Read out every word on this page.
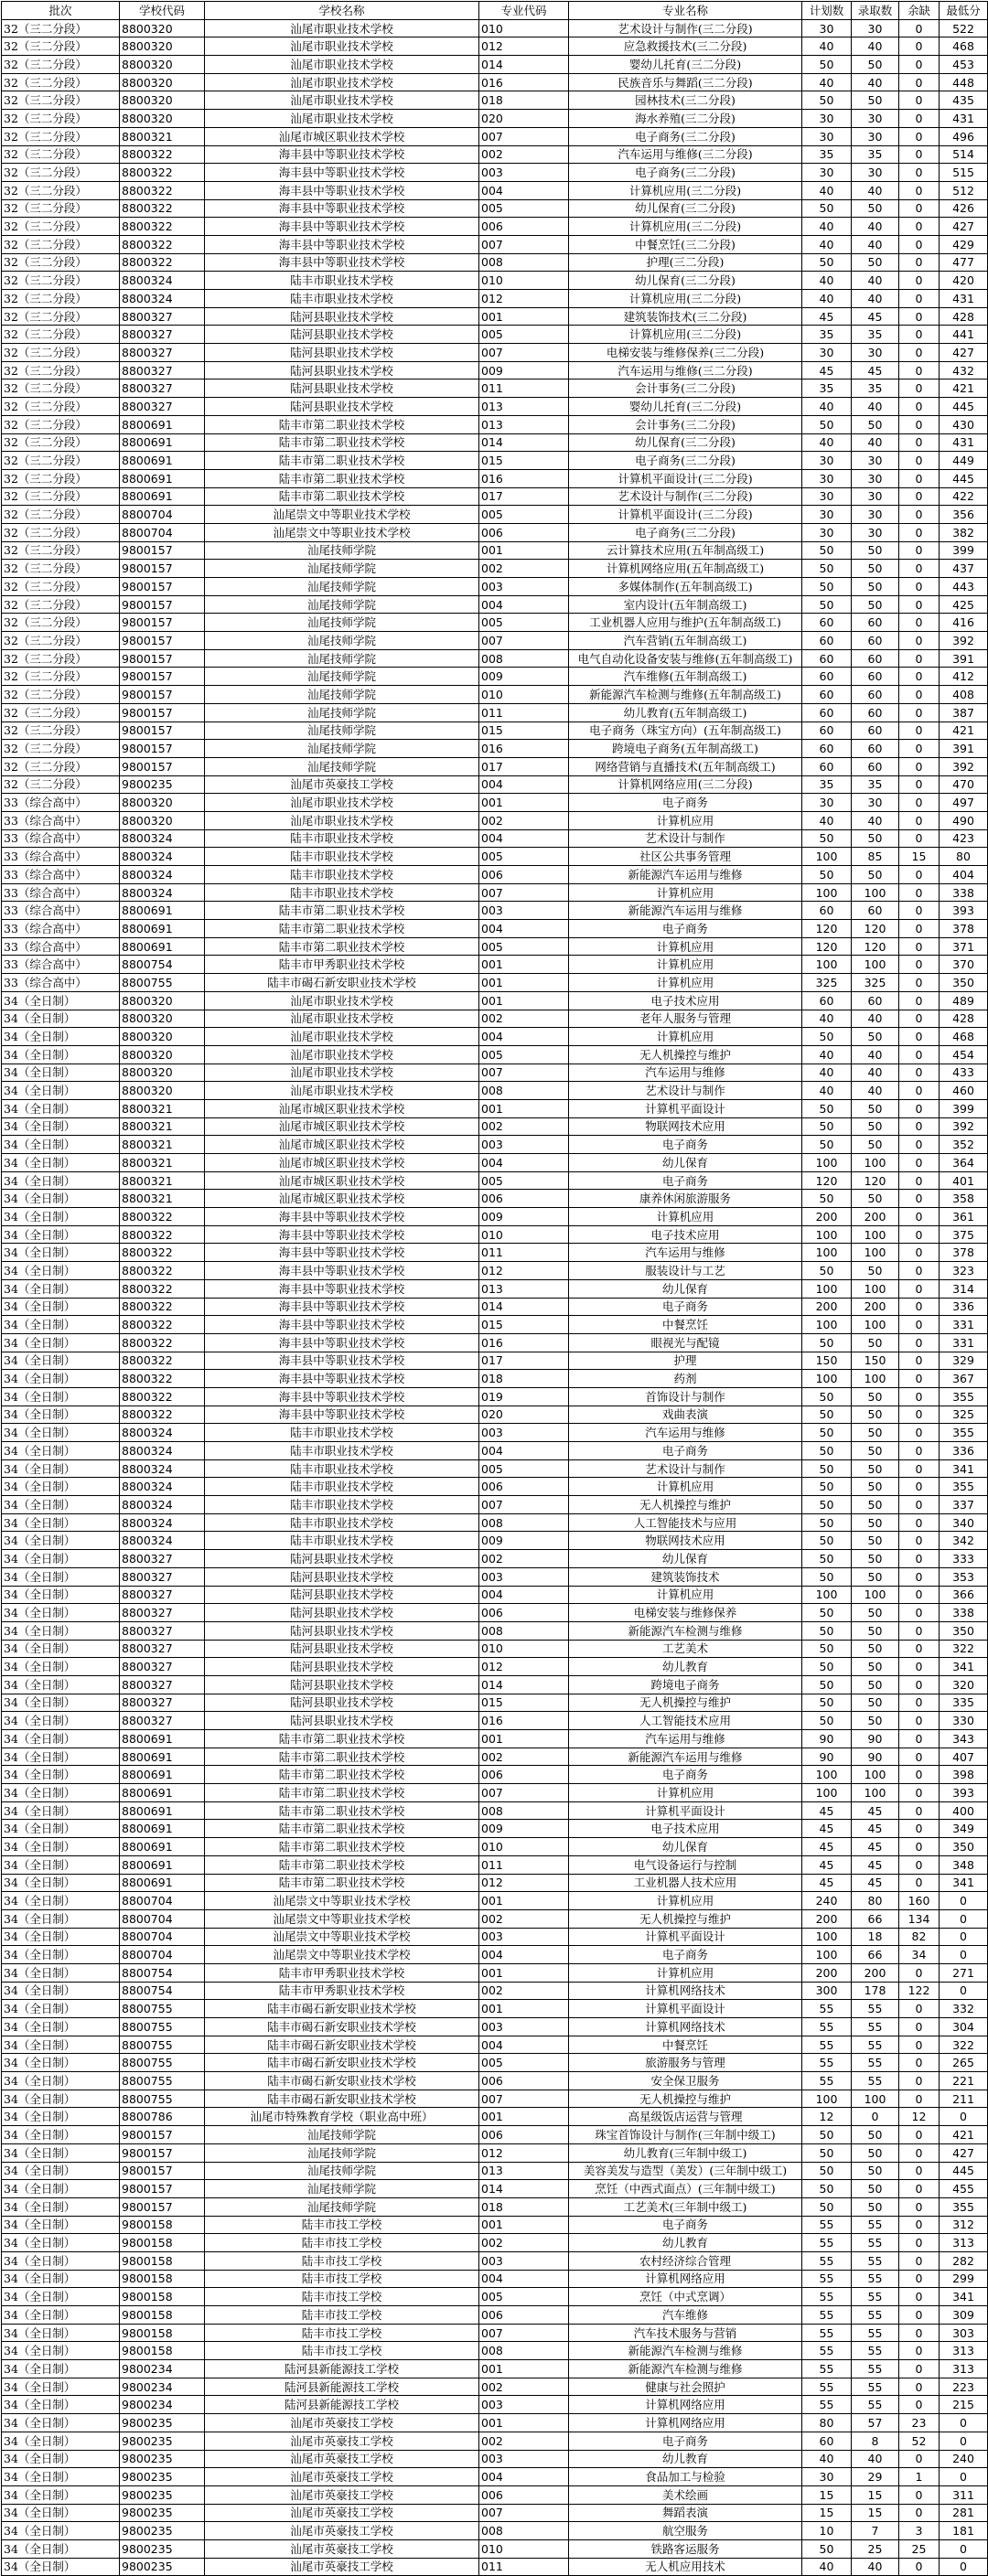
批次	学校代码	学校名称	专业代码	专业名称	计划数	录取数	余缺	最低分
32（三二分段）	8800320	汕尾市职业技术学校	010	艺术设计与制作(三二分段)	30	30	0	522
32（三二分段）	8800320	汕尾市职业技术学校	012	应急救援技术(三二分段)	40	40	0	468
32（三二分段）	8800320	汕尾市职业技术学校	014	婴幼儿托育(三二分段)	50	50	0	453
32（三二分段）	8800320	汕尾市职业技术学校	016	民族音乐与舞蹈(三二分段)	40	40	0	448
32（三二分段）	8800320	汕尾市职业技术学校	018	园林技术(三二分段)	50	50	0	435
32（三二分段）	8800320	汕尾市职业技术学校	020	海水养殖(三二分段)	30	30	0	431
32（三二分段）	8800321	汕尾市城区职业技术学校	007	电子商务(三二分段)	30	30	0	496
32（三二分段）	8800322	海丰县中等职业技术学校	002	汽车运用与维修(三二分段)	35	35	0	514
32（三二分段）	8800322	海丰县中等职业技术学校	003	电子商务(三二分段)	30	30	0	515
32（三二分段）	8800322	海丰县中等职业技术学校	004	计算机应用(三二分段)	40	40	0	512
32（三二分段）	8800322	海丰县中等职业技术学校	005	幼儿保育(三二分段)	50	50	0	426
32（三二分段）	8800322	海丰县中等职业技术学校	006	计算机应用(三二分段)	40	40	0	427
32（三二分段）	8800322	海丰县中等职业技术学校	007	中餐烹饪(三二分段)	40	40	0	429
32（三二分段）	8800322	海丰县中等职业技术学校	008	护理(三二分段)	50	50	0	477
32（三二分段）	8800324	陆丰市职业技术学校	010	幼儿保育(三二分段)	40	40	0	420
32（三二分段）	8800324	陆丰市职业技术学校	012	计算机应用(三二分段)	40	40	0	431
32（三二分段）	8800327	陆河县职业技术学校	001	建筑装饰技术(三二分段)	45	45	0	428
32（三二分段）	8800327	陆河县职业技术学校	005	计算机应用(三二分段)	35	35	0	441
32（三二分段）	8800327	陆河县职业技术学校	007	电梯安装与维修保养(三二分段)	30	30	0	427
32（三二分段）	8800327	陆河县职业技术学校	009	汽车运用与维修(三二分段)	45	45	0	432
32（三二分段）	8800327	陆河县职业技术学校	011	会计事务(三二分段)	35	35	0	421
32（三二分段）	8800327	陆河县职业技术学校	013	婴幼儿托育(三二分段)	40	40	0	445
32（三二分段）	8800691	陆丰市第二职业技术学校	013	会计事务(三二分段)	50	50	0	430
32（三二分段）	8800691	陆丰市第二职业技术学校	014	幼儿保育(三二分段)	40	40	0	431
32（三二分段）	8800691	陆丰市第二职业技术学校	015	电子商务(三二分段)	30	30	0	449
32（三二分段）	8800691	陆丰市第二职业技术学校	016	计算机平面设计(三二分段)	30	30	0	445
32（三二分段）	8800691	陆丰市第二职业技术学校	017	艺术设计与制作(三二分段)	30	30	0	422
32（三二分段）	8800704	汕尾崇文中等职业技术学校	005	计算机平面设计(三二分段)	30	30	0	356
32（三二分段）	8800704	汕尾崇文中等职业技术学校	006	电子商务(三二分段)	30	30	0	382
32（三二分段）	9800157	汕尾技师学院	001	云计算技术应用(五年制高级工)	50	50	0	399
32（三二分段）	9800157	汕尾技师学院	002	计算机网络应用(五年制高级工)	50	50	0	437
32（三二分段）	9800157	汕尾技师学院	003	多媒体制作(五年制高级工)	50	50	0	443
32（三二分段）	9800157	汕尾技师学院	004	室内设计(五年制高级工)	50	50	0	425
32（三二分段）	9800157	汕尾技师学院	005	工业机器人应用与维护(五年制高级工)	60	60	0	416
32（三二分段）	9800157	汕尾技师学院	007	汽车营销(五年制高级工)	60	60	0	392
32（三二分段）	9800157	汕尾技师学院	008	电气自动化设备安装与维修(五年制高级工)	60	60	0	391
32（三二分段）	9800157	汕尾技师学院	009	汽车维修(五年制高级工)	60	60	0	412
32（三二分段）	9800157	汕尾技师学院	010	新能源汽车检测与维修(五年制高级工)	60	60	0	408
32（三二分段）	9800157	汕尾技师学院	011	幼儿教育(五年制高级工)	60	60	0	387
32（三二分段）	9800157	汕尾技师学院	015	电子商务（珠宝方向）(五年制高级工)	60	60	0	421
32（三二分段）	9800157	汕尾技师学院	016	跨境电子商务(五年制高级工)	60	60	0	391
32（三二分段）	9800157	汕尾技师学院	017	网络营销与直播技术(五年制高级工)	60	60	0	392
32（三二分段）	9800235	汕尾市英豪技工学校	004	计算机网络应用(三二分段)	35	35	0	470
33（综合高中）	8800320	汕尾市职业技术学校	001	电子商务	30	30	0	497
33（综合高中）	8800320	汕尾市职业技术学校	002	计算机应用	40	40	0	490
33（综合高中）	8800324	陆丰市职业技术学校	004	艺术设计与制作	50	50	0	423
33（综合高中）	8800324	陆丰市职业技术学校	005	社区公共事务管理	100	85	15	80
33（综合高中）	8800324	陆丰市职业技术学校	006	新能源汽车运用与维修	50	50	0	404
33（综合高中）	8800324	陆丰市职业技术学校	007	计算机应用	100	100	0	338
33（综合高中）	8800691	陆丰市第二职业技术学校	003	新能源汽车运用与维修	60	60	0	393
33（综合高中）	8800691	陆丰市第二职业技术学校	004	电子商务	120	120	0	378
33（综合高中）	8800691	陆丰市第二职业技术学校	005	计算机应用	120	120	0	371
33（综合高中）	8800754	陆丰市甲秀职业技术学校	001	计算机应用	100	100	0	370
33（综合高中）	8800755	陆丰市碣石新安职业技术学校	001	计算机应用	325	325	0	350
34（全日制）	8800320	汕尾市职业技术学校	001	电子技术应用	60	60	0	489
34（全日制）	8800320	汕尾市职业技术学校	002	老年人服务与管理	40	40	0	428
34（全日制）	8800320	汕尾市职业技术学校	004	计算机应用	50	50	0	468
34（全日制）	8800320	汕尾市职业技术学校	005	无人机操控与维护	40	40	0	454
34（全日制）	8800320	汕尾市职业技术学校	007	汽车运用与维修	40	40	0	433
34（全日制）	8800320	汕尾市职业技术学校	008	艺术设计与制作	40	40	0	460
34（全日制）	8800321	汕尾市城区职业技术学校	001	计算机平面设计	50	50	0	399
34（全日制）	8800321	汕尾市城区职业技术学校	002	物联网技术应用	50	50	0	392
34（全日制）	8800321	汕尾市城区职业技术学校	003	电子商务	50	50	0	352
34（全日制）	8800321	汕尾市城区职业技术学校	004	幼儿保育	100	100	0	364
34（全日制）	8800321	汕尾市城区职业技术学校	005	电子商务	120	120	0	401
34（全日制）	8800321	汕尾市城区职业技术学校	006	康养休闲旅游服务	50	50	0	358
34（全日制）	8800322	海丰县中等职业技术学校	009	计算机应用	200	200	0	361
34（全日制）	8800322	海丰县中等职业技术学校	010	电子技术应用	100	100	0	375
34（全日制）	8800322	海丰县中等职业技术学校	011	汽车运用与维修	100	100	0	378
34（全日制）	8800322	海丰县中等职业技术学校	012	服装设计与工艺	50	50	0	323
34（全日制）	8800322	海丰县中等职业技术学校	013	幼儿保育	100	100	0	314
34（全日制）	8800322	海丰县中等职业技术学校	014	电子商务	200	200	0	336
34（全日制）	8800322	海丰县中等职业技术学校	015	中餐烹饪	100	100	0	331
34（全日制）	8800322	海丰县中等职业技术学校	016	眼视光与配镜	50	50	0	331
34（全日制）	8800322	海丰县中等职业技术学校	017	护理	150	150	0	329
34（全日制）	8800322	海丰县中等职业技术学校	018	药剂	100	100	0	367
34（全日制）	8800322	海丰县中等职业技术学校	019	首饰设计与制作	50	50	0	355
34（全日制）	8800322	海丰县中等职业技术学校	020	戏曲表演	50	50	0	325
34（全日制）	8800324	陆丰市职业技术学校	003	汽车运用与维修	50	50	0	355
34（全日制）	8800324	陆丰市职业技术学校	004	电子商务	50	50	0	336
34（全日制）	8800324	陆丰市职业技术学校	005	艺术设计与制作	50	50	0	341
34（全日制）	8800324	陆丰市职业技术学校	006	计算机应用	50	50	0	355
34（全日制）	8800324	陆丰市职业技术学校	007	无人机操控与维护	50	50	0	337
34（全日制）	8800324	陆丰市职业技术学校	008	人工智能技术与应用	50	50	0	340
34（全日制）	8800324	陆丰市职业技术学校	009	物联网技术应用	50	50	0	342
34（全日制）	8800327	陆河县职业技术学校	002	幼儿保育	50	50	0	333
34（全日制）	8800327	陆河县职业技术学校	003	建筑装饰技术	50	50	0	353
34（全日制）	8800327	陆河县职业技术学校	004	计算机应用	100	100	0	366
34（全日制）	8800327	陆河县职业技术学校	006	电梯安装与维修保养	50	50	0	338
34（全日制）	8800327	陆河县职业技术学校	008	新能源汽车检测与维修	50	50	0	350
34（全日制）	8800327	陆河县职业技术学校	010	工艺美术	50	50	0	322
34（全日制）	8800327	陆河县职业技术学校	012	幼儿教育	50	50	0	341
34（全日制）	8800327	陆河县职业技术学校	014	跨境电子商务	50	50	0	320
34（全日制）	8800327	陆河县职业技术学校	015	无人机操控与维护	50	50	0	335
34（全日制）	8800327	陆河县职业技术学校	016	人工智能技术应用	50	50	0	330
34（全日制）	8800691	陆丰市第二职业技术学校	001	汽车运用与维修	90	90	0	343
34（全日制）	8800691	陆丰市第二职业技术学校	002	新能源汽车运用与维修	90	90	0	407
34（全日制）	8800691	陆丰市第二职业技术学校	006	电子商务	100	100	0	398
34（全日制）	8800691	陆丰市第二职业技术学校	007	计算机应用	100	100	0	393
34（全日制）	8800691	陆丰市第二职业技术学校	008	计算机平面设计	45	45	0	400
34（全日制）	8800691	陆丰市第二职业技术学校	009	电子技术应用	45	45	0	349
34（全日制）	8800691	陆丰市第二职业技术学校	010	幼儿保育	45	45	0	350
34（全日制）	8800691	陆丰市第二职业技术学校	011	电气设备运行与控制	45	45	0	348
34（全日制）	8800691	陆丰市第二职业技术学校	012	工业机器人技术应用	45	45	0	341
34（全日制）	8800704	汕尾崇文中等职业技术学校	001	计算机应用	240	80	160	0
34（全日制）	8800704	汕尾崇文中等职业技术学校	002	无人机操控与维护	200	66	134	0
34（全日制）	8800704	汕尾崇文中等职业技术学校	003	计算机平面设计	100	18	82	0
34（全日制）	8800704	汕尾崇文中等职业技术学校	004	电子商务	100	66	34	0
34（全日制）	8800754	陆丰市甲秀职业技术学校	001	计算机应用	200	200	0	271
34（全日制）	8800754	陆丰市甲秀职业技术学校	002	计算机网络技术	300	178	122	0
34（全日制）	8800755	陆丰市碣石新安职业技术学校	001	计算机平面设计	55	55	0	332
34（全日制）	8800755	陆丰市碣石新安职业技术学校	003	计算机网络技术	55	55	0	304
34（全日制）	8800755	陆丰市碣石新安职业技术学校	004	中餐烹饪	55	55	0	322
34（全日制）	8800755	陆丰市碣石新安职业技术学校	005	旅游服务与管理	55	55	0	265
34（全日制）	8800755	陆丰市碣石新安职业技术学校	006	安全保卫服务	55	55	0	221
34（全日制）	8800755	陆丰市碣石新安职业技术学校	007	无人机操控与维护	100	100	0	211
34（全日制）	8800786	汕尾市特殊教育学校（职业高中班）	001	高星级饭店运营与管理	12	0	12	0
34（全日制）	9800157	汕尾技师学院	006	珠宝首饰设计与制作(三年制中级工)	50	50	0	421
34（全日制）	9800157	汕尾技师学院	012	幼儿教育(三年制中级工)	50	50	0	427
34（全日制）	9800157	汕尾技师学院	013	美容美发与造型（美发）(三年制中级工)	50	50	0	445
34（全日制）	9800157	汕尾技师学院	014	烹饪（中西式面点）(三年制中级工)	50	50	0	455
34（全日制）	9800157	汕尾技师学院	018	工艺美术(三年制中级工)	50	50	0	355
34（全日制）	9800158	陆丰市技工学校	001	电子商务	55	55	0	312
34（全日制）	9800158	陆丰市技工学校	002	幼儿教育	55	55	0	313
34（全日制）	9800158	陆丰市技工学校	003	农村经济综合管理	55	55	0	282
34（全日制）	9800158	陆丰市技工学校	004	计算机网络应用	55	55	0	299
34（全日制）	9800158	陆丰市技工学校	005	烹饪（中式烹调）	55	55	0	341
34（全日制）	9800158	陆丰市技工学校	006	汽车维修	55	55	0	309
34（全日制）	9800158	陆丰市技工学校	007	汽车技术服务与营销	55	55	0	303
34（全日制）	9800158	陆丰市技工学校	008	新能源汽车检测与维修	55	55	0	313
34（全日制）	9800234	陆河县新能源技工学校	001	新能源汽车检测与维修	55	55	0	313
34（全日制）	9800234	陆河县新能源技工学校	002	健康与社会照护	55	55	0	223
34（全日制）	9800234	陆河县新能源技工学校	003	计算机网络应用	55	55	0	215
34（全日制）	9800235	汕尾市英豪技工学校	001	计算机网络应用	80	57	23	0
34（全日制）	9800235	汕尾市英豪技工学校	002	电子商务	60	8	52	0
34（全日制）	9800235	汕尾市英豪技工学校	003	幼儿教育	40	40	0	240
34（全日制）	9800235	汕尾市英豪技工学校	004	食品加工与检验	30	29	1	0
34（全日制）	9800235	汕尾市英豪技工学校	006	美术绘画	15	15	0	311
34（全日制）	9800235	汕尾市英豪技工学校	007	舞蹈表演	15	15	0	281
34（全日制）	9800235	汕尾市英豪技工学校	008	航空服务	10	7	3	181
34（全日制）	9800235	汕尾市英豪技工学校	010	铁路客运服务	50	25	25	0
34（全日制）	9800235	汕尾市英豪技工学校	011	无人机应用技术	40	40	0	0
